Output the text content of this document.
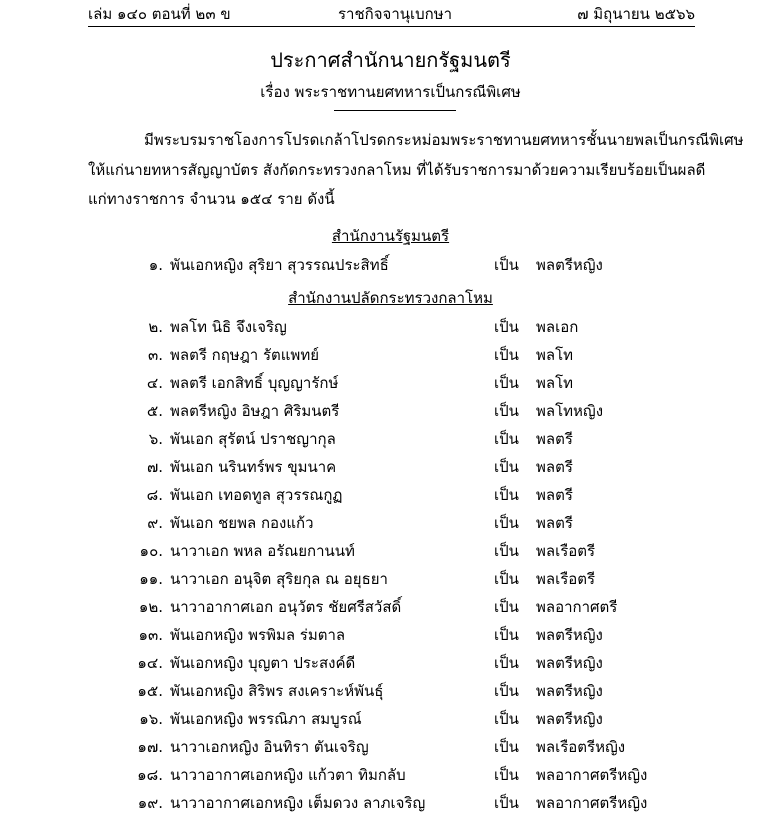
เล่ม ๑๔๐ ตอนที่ ๒๓ ข	ราชกิจจานุเบกษา	๗ มิถุนายน ๒๕๖๖
ประกาศสำนักนายกรัฐมนตรี
เรื่อง พระราชทานยศทหารเป็นกรณีพิเศษ
มีพระบรมราชโองการโปรดเกล้าโปรดกระหม่อมพระราชทานยศทหารชั้นนายพลเป็นกรณีพิเศษ
ให้แก่นายทหารสัญญาบัตร สังกัดกระทรวงกลาโหม ที่ได้รับราชการมาด้วยความเรียบร้อยเป็นผลดี
แก่ทางราชการ จำนวน ๑๕๔ ราย ดังนี้
สำนักงานรัฐมนตรี
๑. พันเอกหญิง สุริยา สุวรรณประสิทธิ์	เป็น พลตรีหญิง
๒. พลโท นิธิ จึงเจริญ	เป็น พลเอก
๓. พลตรี กฤษฎา รัตแพทย์	เป็น พลโท
๔. พลตรี เอกสิทธิ์ บุญญารักษ์	เป็น พลโท
๕. พลตรีหญิง อิษฎา ศิริมนตรี	เป็น พลโทหญิง
๖. พันเอก สุรัตน์ ปราชญากุล	เป็น พลตรี
๗. พันเอก นรินทร์พร ขุมนาค	เป็น พลตรี
๘. พันเอก เทอดทูล สุวรรณกูฏ	เป็น พลตรี
๙. พันเอก ชยพล กองแก้ว	เป็น พลตรี
๑๐. นาวาเอก พหล อรัณยกานนท์	เป็น พลเรือตรี
๑๑. นาวาเอก อนุจิต สุริยกุล ณ อยุธยา	เป็น พลเรือตรี
๑๒. นาวาอากาศเอก อนุวัตร ชัยศรีสวัสดิ์	เป็น พลอากาศตรี
๑๓. พันเอกหญิง พรพิมล ร่มตาล	เป็น พลตรีหญิง
๑๔. พันเอกหญิง บุญตา ประสงค์ดี	เป็น พลตรีหญิง
๑๕. พันเอกหญิง สิริพร สงเคราะห์พันธุ์	เป็น พลตรีหญิง
๑๖. พันเอกหญิง พรรณิภา สมบูรณ์	เป็น พลตรีหญิง
๑๗. นาวาเอกหญิง อินทิรา ตันเจริญ	เป็น พลเรือตรีหญิง
๑๘. นาวาอากาศเอกหญิง แก้วตา ทิมกลับ	เป็น พลอากาศตรีหญิง
๑๙. นาวาอากาศเอกหญิง เต็มดวง ลาภเจริญ	เป็น พลอากาศตรีหญิง
สำนักงานปลัดกระทรวงกลาโหม
